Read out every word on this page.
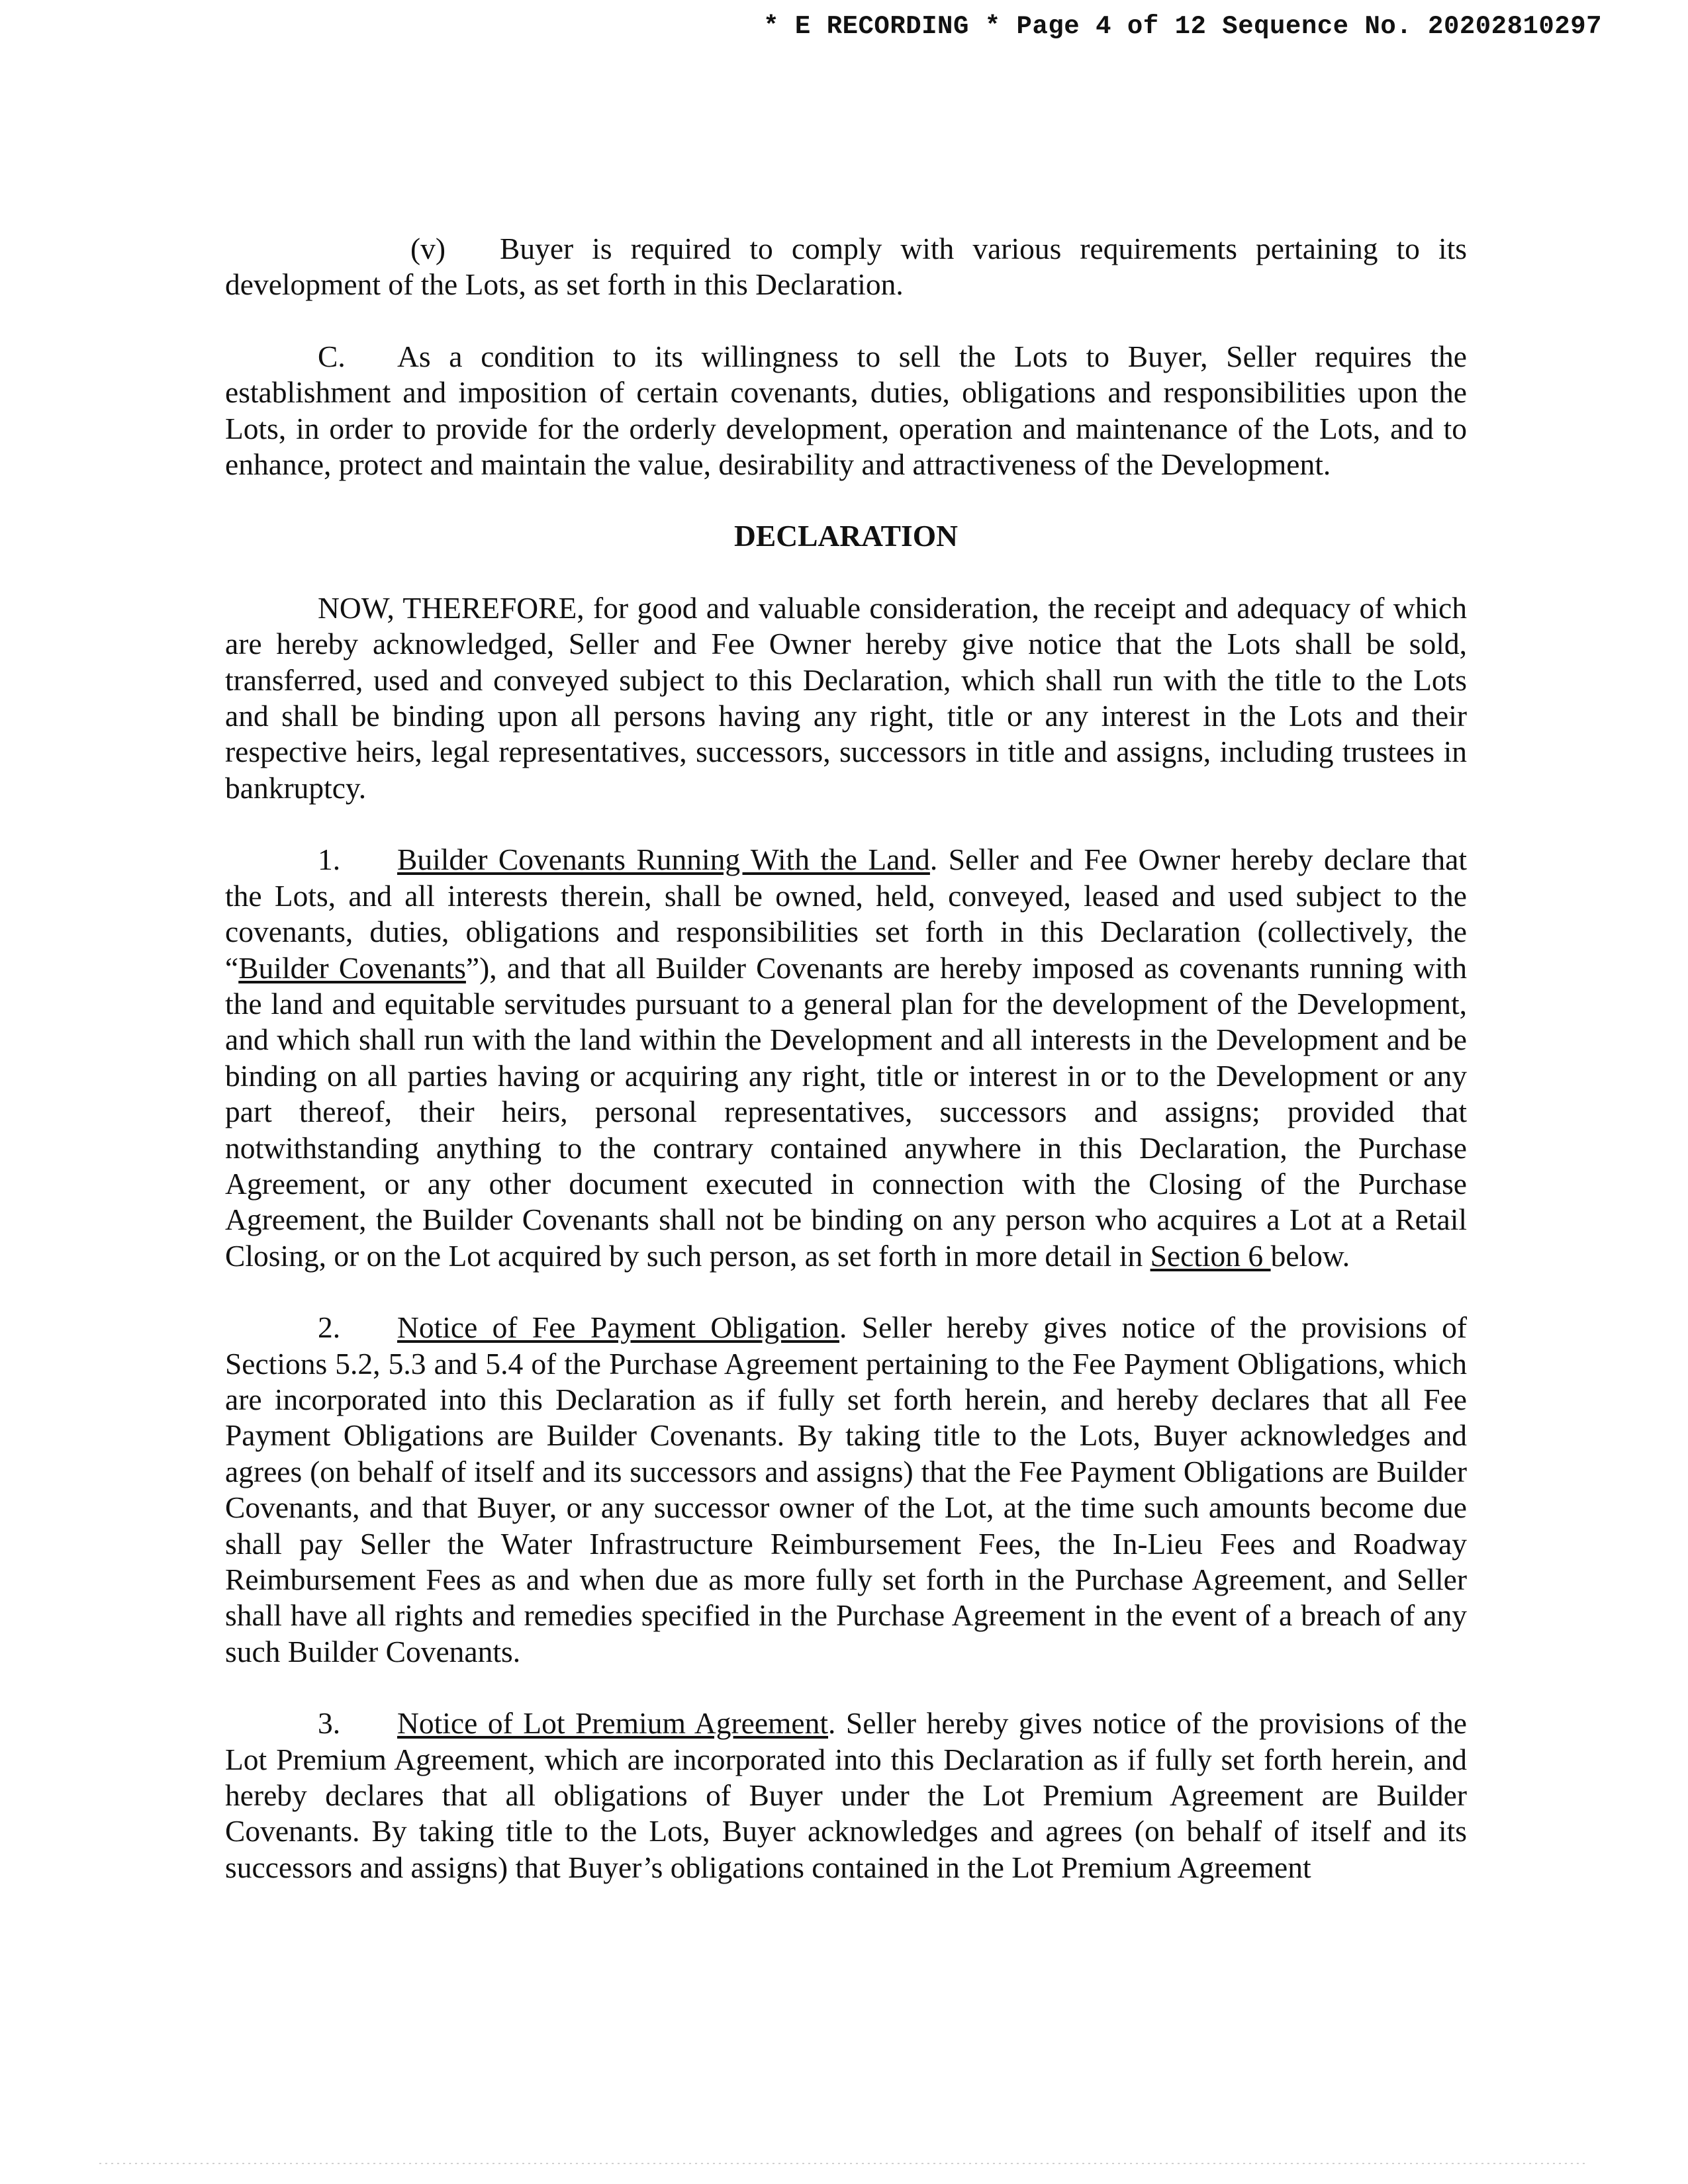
* E RECORDING * Page 4 of 12 Sequence No. 20202810297

(v) Buyer is required to comply with various requirements pertaining to its development of the Lots, as set forth in this Declaration.

C. As a condition to its willingness to sell the Lots to Buyer, Seller requires the establishment and imposition of certain covenants, duties, obligations and responsibilities upon the Lots, in order to provide for the orderly development, operation and maintenance of the Lots, and to enhance, protect and maintain the value, desirability and attractiveness of the Development.

DECLARATION

NOW, THEREFORE, for good and valuable consideration, the receipt and adequacy of which are hereby acknowledged, Seller and Fee Owner hereby give notice that the Lots shall be sold, transferred, used and conveyed subject to this Declaration, which shall run with the title to the Lots and shall be binding upon all persons having any right, title or any interest in the Lots and their respective heirs, legal representatives, successors, successors in title and assigns, including trustees in bankruptcy.

1. Builder Covenants Running With the Land. Seller and Fee Owner hereby declare that the Lots, and all interests therein, shall be owned, held, conveyed, leased and used subject to the covenants, duties, obligations and responsibilities set forth in this Declaration (collectively, the “Builder Covenants”), and that all Builder Covenants are hereby imposed as covenants running with the land and equitable servitudes pursuant to a general plan for the development of the Development, and which shall run with the land within the Development and all interests in the Development and be binding on all parties having or acquiring any right, title or interest in or to the Development or any part thereof, their heirs, personal representatives, successors and assigns; provided that notwithstanding anything to the contrary contained anywhere in this Declaration, the Purchase Agreement, or any other document executed in connection with the Closing of the Purchase Agreement, the Builder Covenants shall not be binding on any person who acquires a Lot at a Retail Closing, or on the Lot acquired by such person, as set forth in more detail in Section 6 below.

2. Notice of Fee Payment Obligation. Seller hereby gives notice of the provisions of Sections 5.2, 5.3 and 5.4 of the Purchase Agreement pertaining to the Fee Payment Obligations, which are incorporated into this Declaration as if fully set forth herein, and hereby declares that all Fee Payment Obligations are Builder Covenants. By taking title to the Lots, Buyer acknowledges and agrees (on behalf of itself and its successors and assigns) that the Fee Payment Obligations are Builder Covenants, and that Buyer, or any successor owner of the Lot, at the time such amounts become due shall pay Seller the Water Infrastructure Reimbursement Fees, the In-Lieu Fees and Roadway Reimbursement Fees as and when due as more fully set forth in the Purchase Agreement, and Seller shall have all rights and remedies specified in the Purchase Agreement in the event of a breach of any such Builder Covenants.

3. Notice of Lot Premium Agreement. Seller hereby gives notice of the provisions of the Lot Premium Agreement, which are incorporated into this Declaration as if fully set forth herein, and hereby declares that all obligations of Buyer under the Lot Premium Agreement are Builder Covenants. By taking title to the Lots, Buyer acknowledges and agrees (on behalf of itself and its successors and assigns) that Buyer’s obligations contained in the Lot Premium Agreement
